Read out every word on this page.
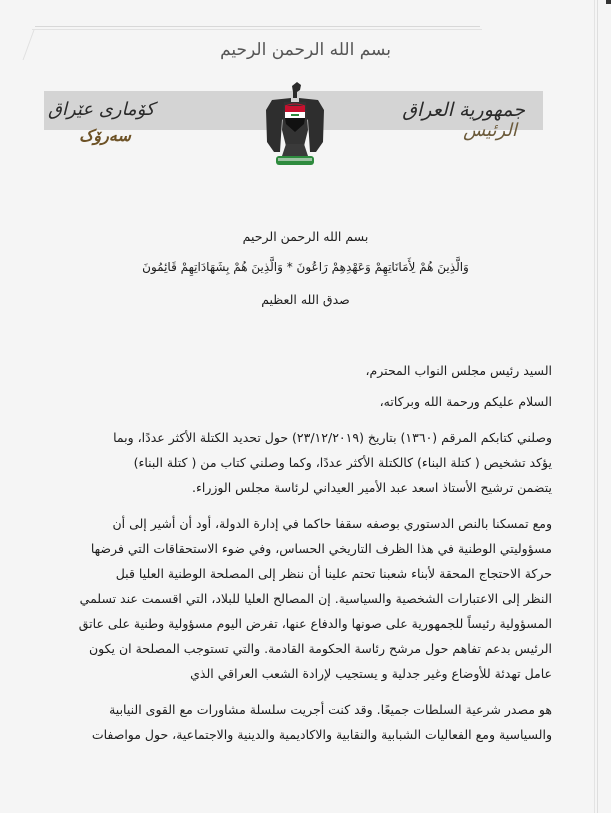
بسم الله الرحمن الرحيم
جمهورية العراق
كۆماری عێراق
الرئيس
سەرۆک
بسم الله الرحمن الرحيم
وَالَّذِينَ هُمْ لِأَمَانَاتِهِمْ وَعَهْدِهِمْ رَاعُونَ * وَالَّذِينَ هُمْ بِشَهَادَاتِهِمْ قَائِمُونَ
صدق الله العظيم
السيد رئيس مجلس النواب المحترم،
السلام عليكم ورحمة الله وبركاته،
وصلني كتابكم المرقم (١٣٦٠) بتاريخ (٢٣/١٢/٢٠١٩) حول تحديد الكتلة الأكثر عددًا، وبما
يؤكد تشخيص ( كتلة البناء) كالكتلة الأكثر عددًا، وكما وصلني كتاب من ( كتلة البناء)
يتضمن ترشيح الأستاذ اسعد عبد الأمير العيداني لرئاسة مجلس الوزراء.
ومع تمسكنا بالنص الدستوري بوصفه سقفا حاكما في إدارة الدولة، أود أن أشير إلى أن
مسؤوليتي الوطنية في هذا الظرف التاريخي الحساس، وفي ضوء الاستحقاقات التي فرضها
حركة الاحتجاج المحقة لأبناء شعبنا تحتم علينا أن ننظر إلى المصلحة الوطنية العليا قبل
النظر إلى الاعتبارات الشخصية والسياسية. إن المصالح العليا للبلاد، التي اقسمت عند تسلمي
المسؤولية رئيساً للجمهورية على صونها والدفاع عنها، تفرض اليوم مسؤولية وطنية على عاتق
الرئيس بدعم تفاهم حول مرشح رئاسة الحكومة القادمة. والتي تستوجب المصلحة ان يكون
عامل تهدئة للأوضاع وغير جدلية و يستجيب لإرادة الشعب العراقي الذي
هو مصدر شرعية السلطات جميعًا. وقد كنت أجريت سلسلة مشاورات مع القوى النيابية
والسياسية ومع الفعاليات الشبابية والنقابية والاكاديمية والدينية والاجتماعية، حول مواصفات
